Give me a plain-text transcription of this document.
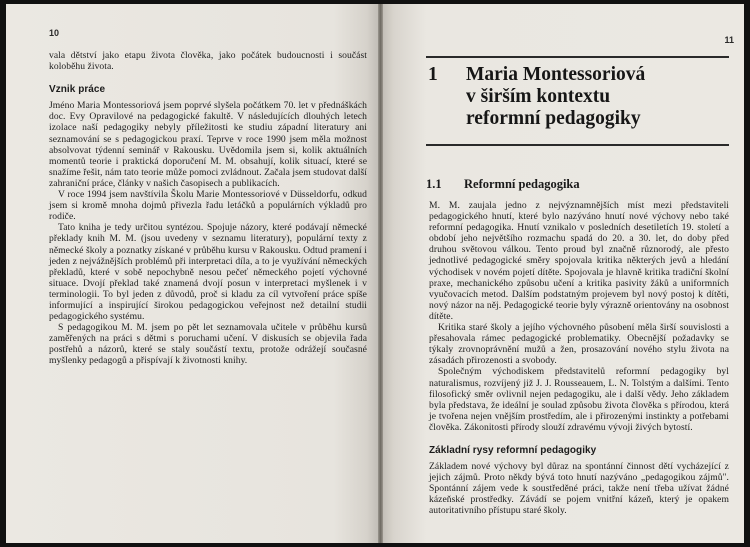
10

vala dětství jako etapu života člověka, jako počátek budoucnosti i součást koloběhu života.

Vznik práce

Jméno Maria Montessoriová jsem poprvé slyšela počátkem 70. let v přednáškách doc. Evy Opravilové na pedagogické fakultě. V následujících dlouhých letech izolace naší pedagogiky nebyly příležitosti ke studiu západní literatury ani seznamování se s pedagogickou praxí. Teprve v roce 1990 jsem měla možnost absolvovat týdenní seminář v Rakousku. Uvědomila jsem si, kolik aktuálních momentů teorie i praktická doporučení M. M. obsahují, kolik situací, které se snažíme řešit, nám tato teorie může pomoci zvládnout. Začala jsem studovat další zahraniční práce, články v našich časopisech a publikacích.

V roce 1994 jsem navštívila Školu Marie Montessoriové v Düsseldorfu, odkud jsem si kromě mnoha dojmů přivezla řadu letáčků a populárních výkladů pro rodiče.

Tato kniha je tedy určitou syntézou. Spojuje názory, které podávají německé překlady knih M. M. (jsou uvedeny v seznamu literatury), populární texty z německé školy a poznatky získané v průběhu kursu v Rakousku. Odtud pramení i jeden z nejvážnějších problémů při interpretaci díla, a to je využívání německých překladů, které v sobě nepochybně nesou pečeť německého pojetí výchovné situace. Dvojí překlad také znamená dvojí posun v interpretaci myšlenek i v terminologii. To byl jeden z důvodů, proč si kladu za cíl vytvoření práce spíše informující a inspirující širokou pedagogickou veřejnost než detailní studii pedagogického systému.

S pedagogikou M. M. jsem po pět let seznamovala učitele v průběhu kursů zaměřených na práci s dětmi s poruchami učení. V diskusích se objevila řada postřehů a názorů, které se staly součástí textu, protože odrážejí současné myšlenky pedagogů a přispívají k životnosti knihy.

11
1	Maria Montessoriová
v širším kontextu
reformní pedagogiky
1.1	Reformní pedagogika

M. M. zaujala jedno z nejvýznamnějších míst mezi představiteli pedagogického hnutí, které bylo nazýváno hnutí nové výchovy nebo také reformní pedagogika. Hnutí vznikalo v posledních desetiletích 19. století a období jeho největšího rozmachu spadá do 20. a 30. let, do doby před druhou světovou válkou. Tento proud byl značně různorodý, ale přesto jednotlivé pedagogické směry spojovala kritika některých jevů a hledání východisek v novém pojetí dítěte. Spojovala je hlavně kritika tradiční školní praxe, mechanického způsobu učení a kritika pasivity žáků a uniformních vyučovacích metod. Dalším podstatným projevem byl nový postoj k dítěti, nový názor na něj. Pedagogické teorie byly výrazně orientovány na osobnost dítěte.

Kritika staré školy a jejího výchovného působení měla širší souvislosti a přesahovala rámec pedagogické problematiky. Obecnější požadavky se týkaly zrovnoprávnění mužů a žen, prosazování nového stylu života na zásadách přirozenosti a svobody.

Společným východiskem představitelů reformní pedagogiky byl naturalismus, rozvíjený již J. J. Rousseauem, L. N. Tolstým a dalšími. Tento filosofický směr ovlivnil nejen pedagogiku, ale i další vědy. Jeho základem byla představa, že ideální je soulad způsobu života člověka s přírodou, která je tvořena nejen vnějším prostředím, ale i přirozenými instinkty a potřebami člověka. Zákonitosti přírody slouží zdravému vývoji živých bytostí.

Základní rysy reformní pedagogiky

Základem nové výchovy byl důraz na spontánní činnost dětí vycházející z jejich zájmů. Proto někdy bývá toto hnutí nazýváno „pedagogikou zájmů". Spontánní zájem vede k soustředěné práci, takže není třeba užívat žádné kázeňské prostředky. Závádí se pojem vnitřní kázeň, který je opakem autoritativního přístupu staré školy.
